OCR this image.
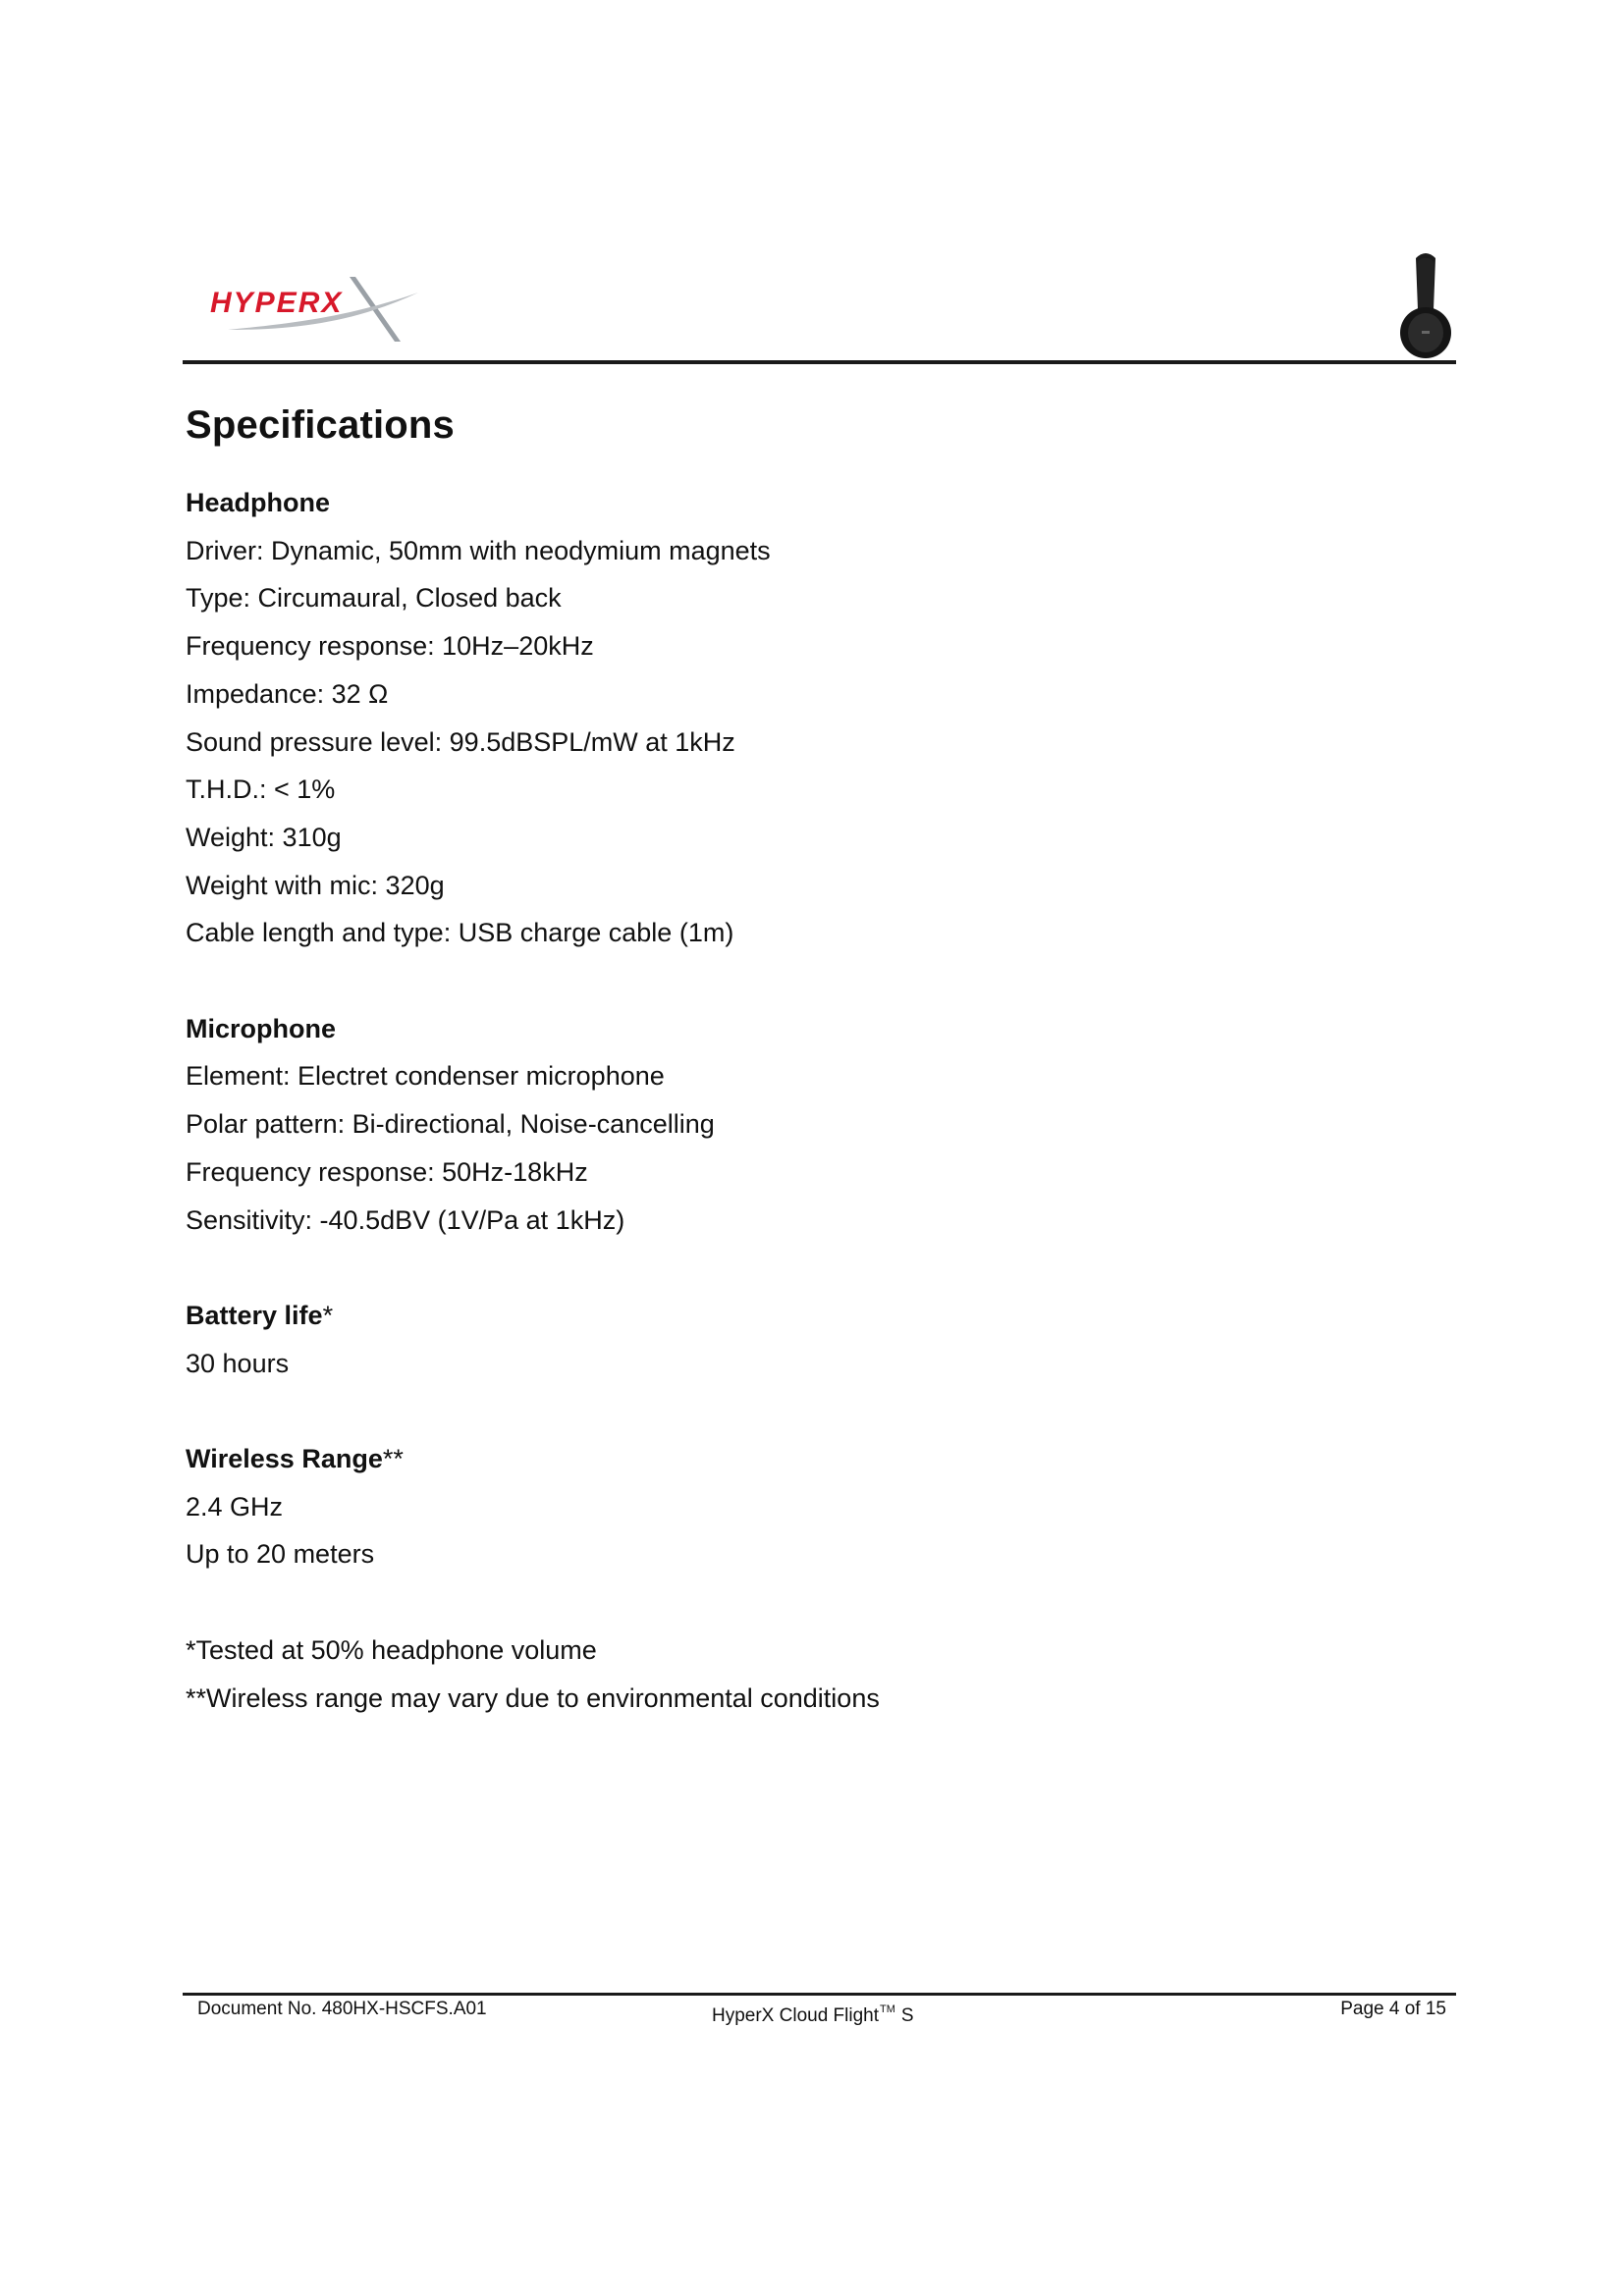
HYPERX
Specifications

Headphone

Driver: Dynamic, 50mm with neodymium magnets

Type: Circumaural, Closed back

Frequency response: 10Hz–20kHz

Impedance: 32 Ω

Sound pressure level: 99.5dBSPL/mW at 1kHz

T.H.D.: < 1%

Weight: 310g

Weight with mic: 320g

Cable length and type: USB charge cable (1m)

Microphone

Element: Electret condenser microphone

Polar pattern: Bi-directional, Noise-cancelling

Frequency response: 50Hz-18kHz

Sensitivity: -40.5dBV (1V/Pa at 1kHz)

Battery life*

30 hours

Wireless Range**

2.4 GHz

Up to 20 meters

*Tested at 50% headphone volume

**Wireless range may vary due to environmental conditions

Document No. 480HX-HSCFS.A01	HyperX Cloud Flight™ S	Page 4 of 15
